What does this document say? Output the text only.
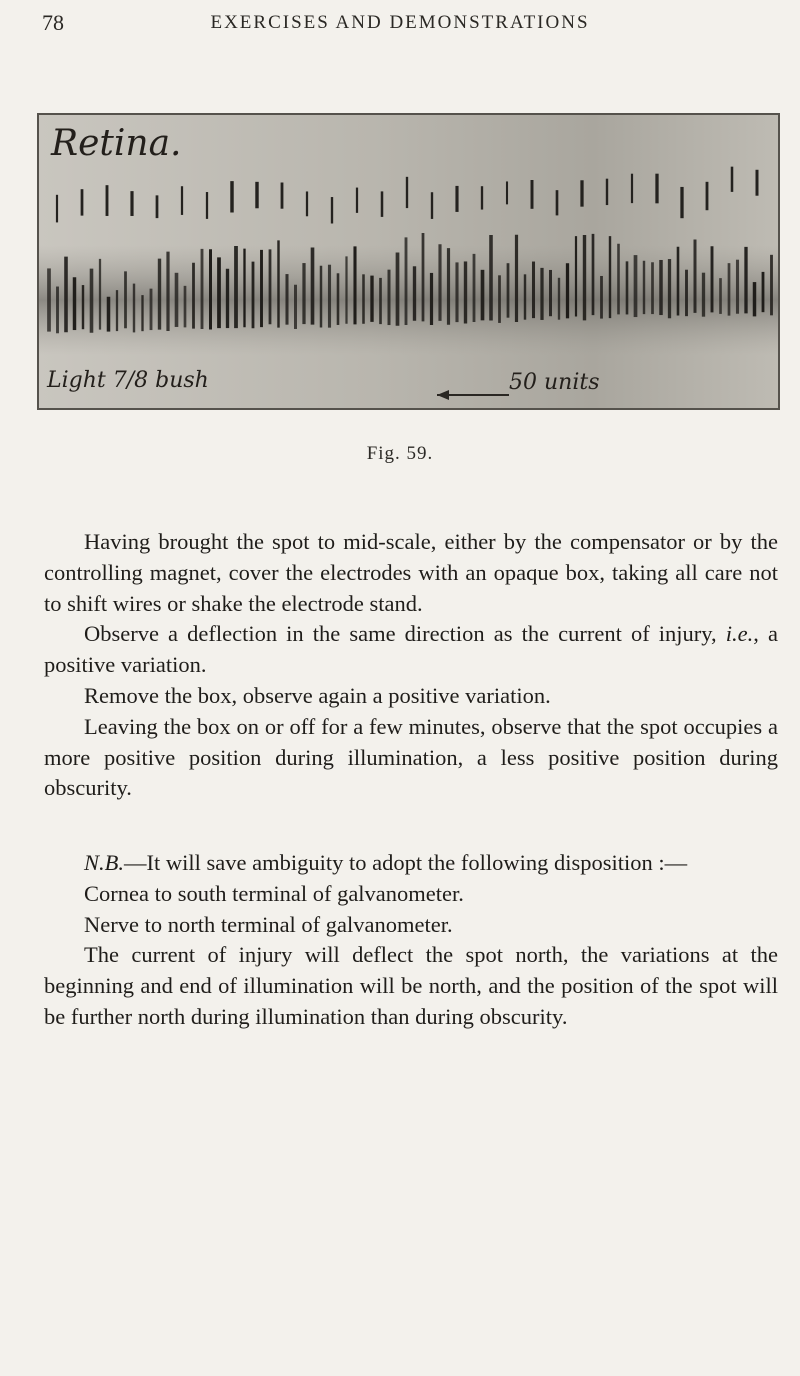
78	EXERCISES AND DEMONSTRATIONS
Retina.
Light 7/8 bush	50 units
Fig. 59.

Having brought the spot to mid-scale, either by the compensator or by the controlling magnet, cover the electrodes with an opaque box, taking all care not to shift wires or shake the electrode stand.

Observe a deflection in the same direction as the current of injury, i.e., a positive variation.

Remove the box, observe again a positive variation.

Leaving the box on or off for a few minutes, observe that the spot occupies a more positive position during illumination, a less positive position during obscurity.

N.B.—It will save ambiguity to adopt the following disposition :—

Cornea to south terminal of galvanometer.

Nerve to north terminal of galvanometer.

The current of injury will deflect the spot north, the variations at the beginning and end of illumination will be north, and the position of the spot will be further north during illumination than during obscurity.
